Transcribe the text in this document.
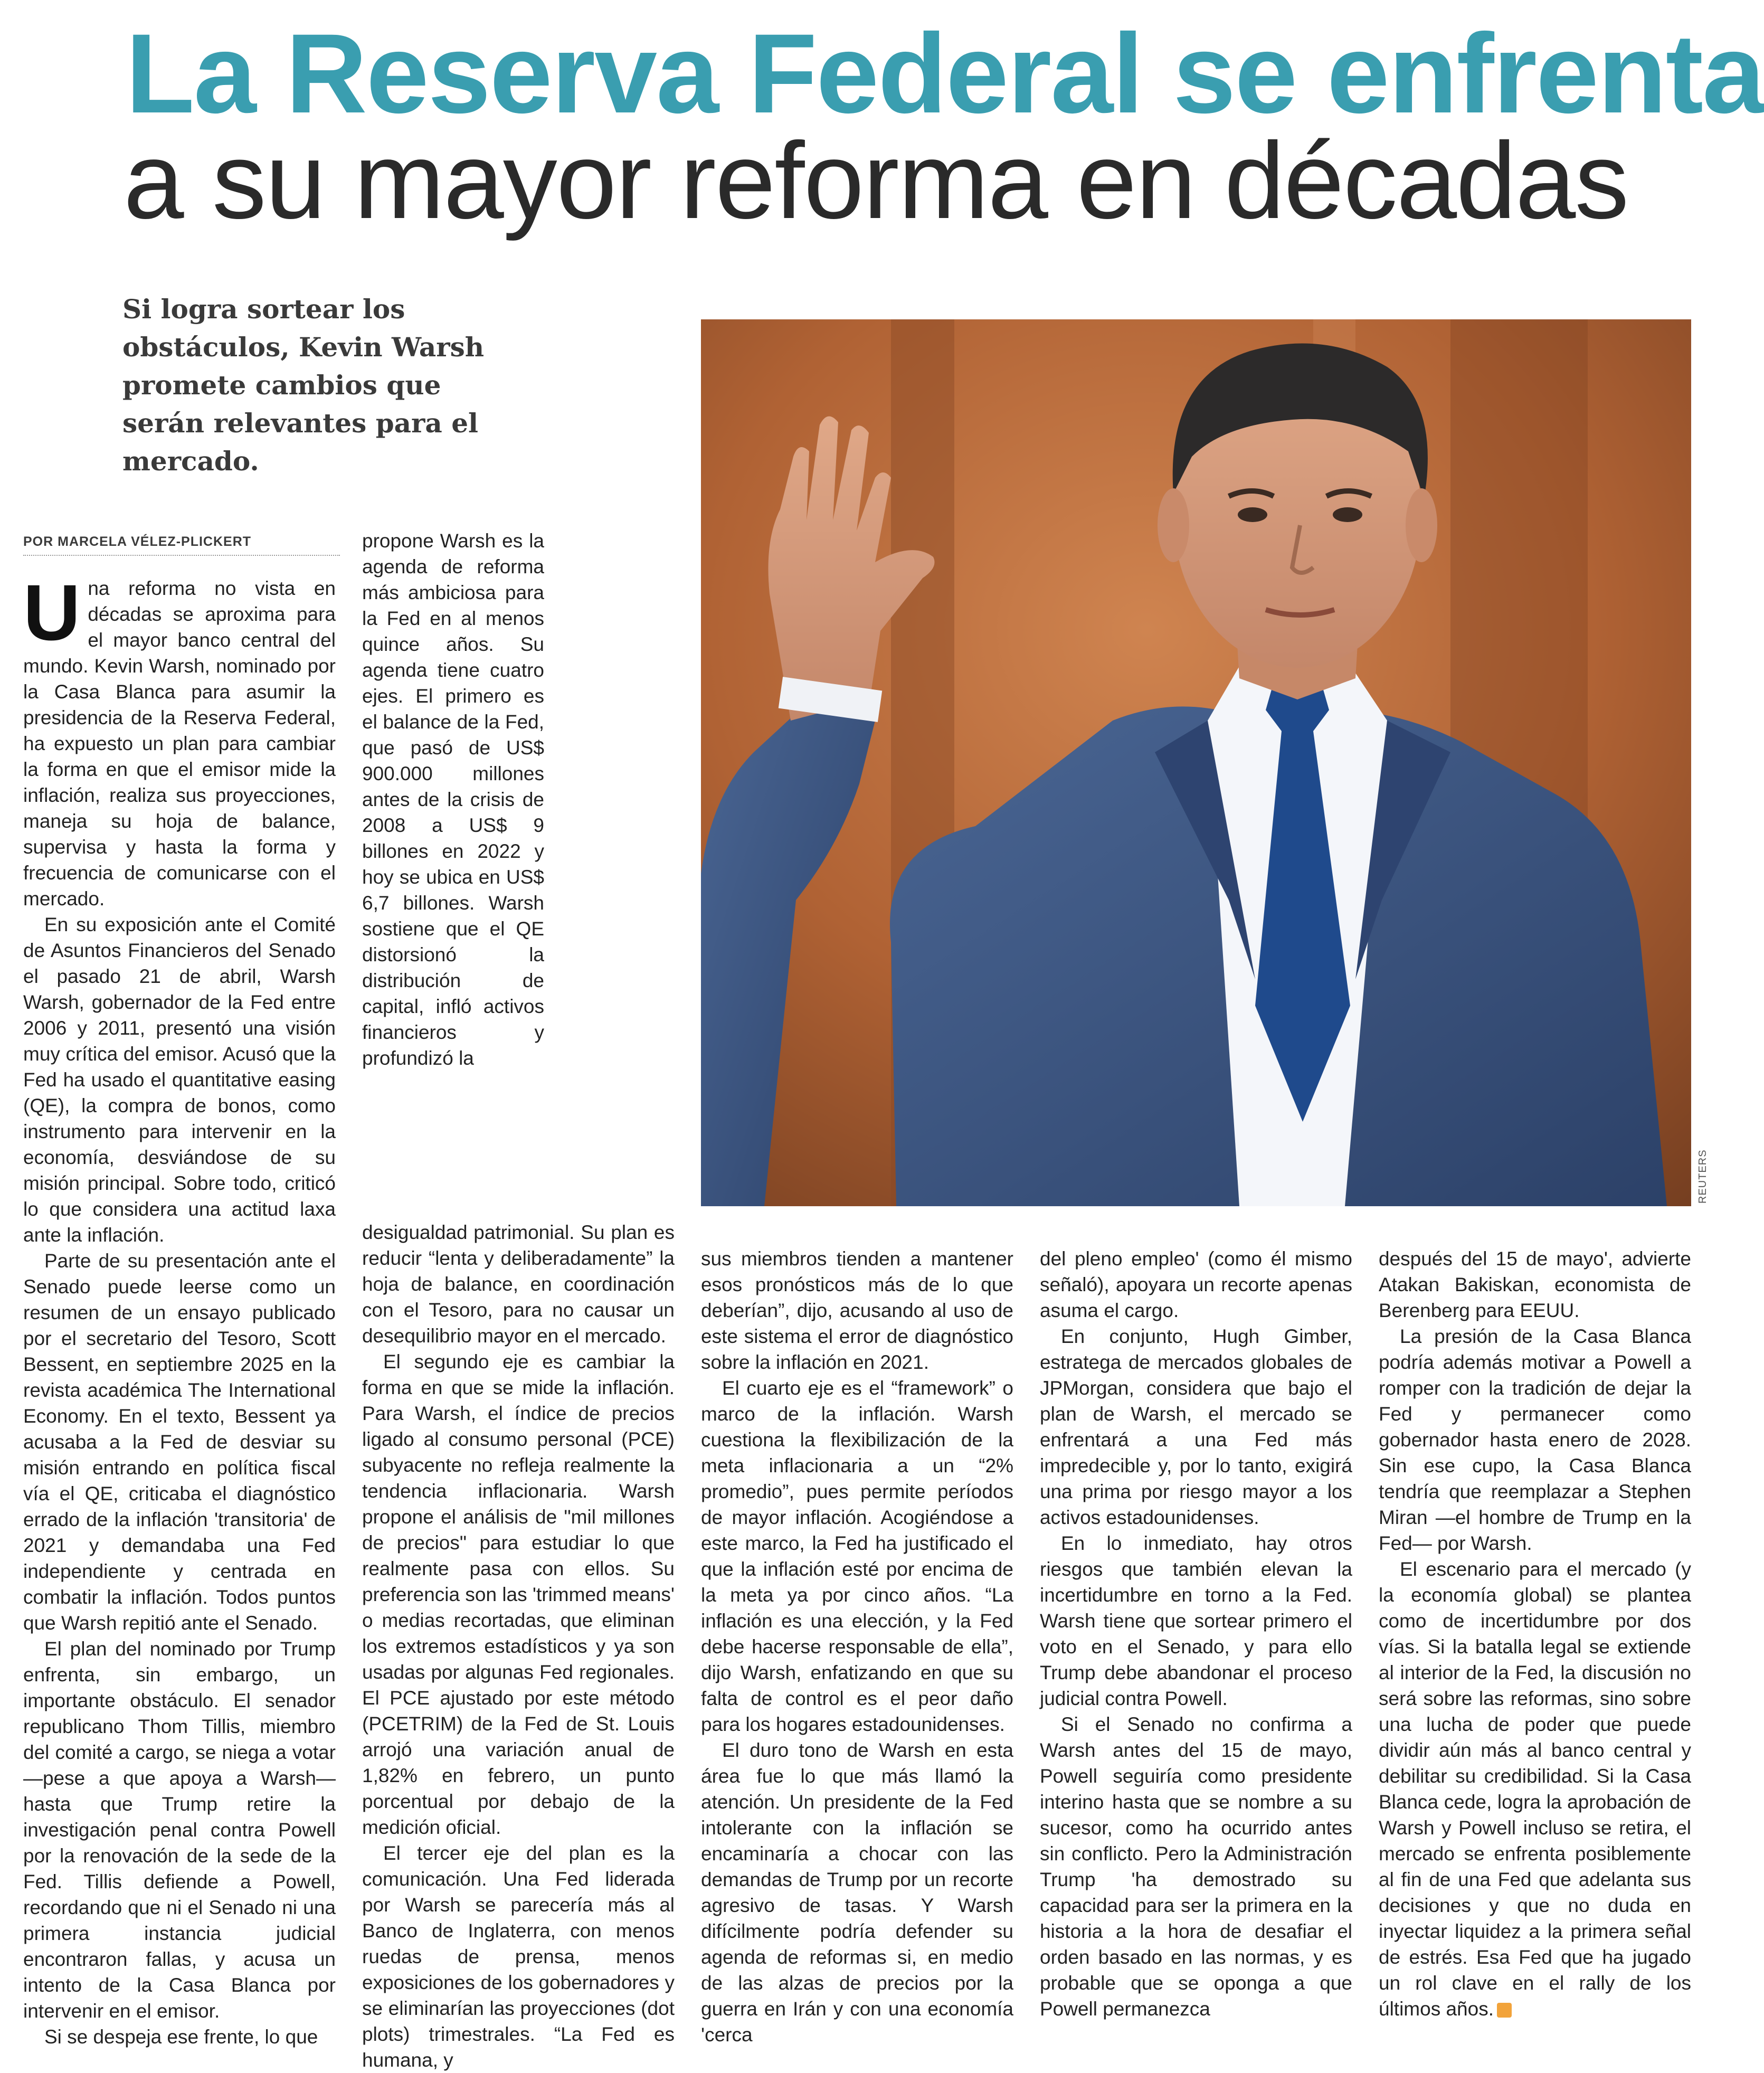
La Reserva Federal se enfrenta
a su mayor reforma en décadas
Si logra sortear los obstáculos, Kevin Warsh promete cambios que serán relevantes para el mercado.
REUTERS
POR MARCELA VÉLEZ-PLICKERT

Una reforma no vista en décadas se aproxima para el mayor banco central del mundo. Kevin Warsh, nominado por la Casa Blanca para asumir la presidencia de la Reserva Federal, ha expuesto un plan para cambiar la forma en que el emisor mide la inflación, realiza sus proyecciones, maneja su hoja de balance, supervisa y hasta la forma y frecuencia de comunicarse con el mercado.

En su exposición ante el Comité de Asuntos Financieros del Senado el pasado 21 de abril, Warsh Warsh, gobernador de la Fed entre 2006 y 2011, presentó una visión muy crítica del emisor. Acusó que la Fed ha usado el quantitative easing (QE), la compra de bonos, como instrumento para intervenir en la economía, desviándose de su misión principal. Sobre todo, criticó lo que considera una actitud laxa ante la inflación.

Parte de su presentación ante el Senado puede leerse como un resumen de un ensayo publicado por el secretario del Tesoro, Scott Bessent, en septiembre 2025 en la revista académica The International Economy. En el texto, Bessent ya acusaba a la Fed de desviar su misión entrando en política fiscal vía el QE, criticaba el diagnóstico errado de la inflación 'transitoria' de 2021 y demandaba una Fed independiente y centrada en combatir la inflación. Todos puntos que Warsh repitió ante el Senado.

El plan del nominado por Trump enfrenta, sin embargo, un importante obstáculo. El senador republicano Thom Tillis, miembro del comité a cargo, se niega a votar —pese a que apoya a Warsh— hasta que Trump retire la investigación penal contra Powell por la renovación de la sede de la Fed. Tillis defiende a Powell, recordando que ni el Senado ni una primera instancia judicial encontraron fallas, y acusa un intento de la Casa Blanca por intervenir en el emisor.

Si se despeja ese frente, lo que

propone Warsh es la agenda de reforma más ambiciosa para la Fed en al menos quince años. Su agenda tiene cuatro ejes. El primero es el balance de la Fed, que pasó de US$ 900.000 millones antes de la crisis de 2008 a US$ 9 billones en 2022 y hoy se ubica en US$ 6,7 billones. Warsh sostiene que el QE distorsionó la distribución de capital, infló activos financieros y profundizó la

desigualdad patrimonial. Su plan es reducir “lenta y deliberadamente” la hoja de balance, en coordinación con el Tesoro, para no causar un desequilibrio mayor en el mercado.

El segundo eje es cambiar la forma en que se mide la inflación. Para Warsh, el índice de precios ligado al consumo personal (PCE) subyacente no refleja realmente la tendencia inflacionaria. Warsh propone el análisis de "mil millones de precios" para estudiar lo que realmente pasa con ellos. Su preferencia son las 'trimmed means' o medias recortadas, que eliminan los extremos estadísticos y ya son usadas por algunas Fed regionales. El PCE ajustado por este método (PCETRIM) de la Fed de St. Louis arrojó una variación anual de 1,82% en febrero, un punto porcentual por debajo de la medición oficial.

El tercer eje del plan es la comunicación. Una Fed liderada por Warsh se parecería más al Banco de Inglaterra, con menos ruedas de prensa, menos exposiciones de los gobernadores y se eliminarían las proyecciones (dot plots) trimestrales. “La Fed es humana, y

sus miembros tienden a mantener esos pronósticos más de lo que deberían”, dijo, acusando al uso de este sistema el error de diagnóstico sobre la inflación en 2021.

El cuarto eje es el “framework” o marco de la inflación. Warsh cuestiona la flexibilización de la meta inflacionaria a un “2% promedio”, pues permite períodos de mayor inflación. Acogiéndose a este marco, la Fed ha justificado el que la inflación esté por encima de la meta ya por cinco años. “La inflación es una elección, y la Fed debe hacerse responsable de ella”, dijo Warsh, enfatizando en que su falta de control es el peor daño para los hogares estadounidenses.

El duro tono de Warsh en esta área fue lo que más llamó la atención. Un presidente de la Fed intolerante con la inflación se encaminaría a chocar con las demandas de Trump por un recorte agresivo de tasas. Y Warsh difícilmente podría defender su agenda de reformas si, en medio de las alzas de precios por la guerra en Irán y con una economía 'cerca

del pleno empleo' (como él mismo señaló), apoyara un recorte apenas asuma el cargo.

En conjunto, Hugh Gimber, estratega de mercados globales de JPMorgan, considera que bajo el plan de Warsh, el mercado se enfrentará a una Fed más impredecible y, por lo tanto, exigirá una prima por riesgo mayor a los activos estadounidenses.

En lo inmediato, hay otros riesgos que también elevan la incertidumbre en torno a la Fed. Warsh tiene que sortear primero el voto en el Senado, y para ello Trump debe abandonar el proceso judicial contra Powell.

Si el Senado no confirma a Warsh antes del 15 de mayo, Powell seguiría como presidente interino hasta que se nombre a su sucesor, como ha ocurrido antes sin conflicto. Pero la Administración Trump 'ha demostrado su capacidad para ser la primera en la historia a la hora de desafiar el orden basado en las normas, y es probable que se oponga a que Powell permanezca

después del 15 de mayo', advierte Atakan Bakiskan, economista de Berenberg para EEUU.

La presión de la Casa Blanca podría además motivar a Powell a romper con la tradición de dejar la Fed y permanecer como gobernador hasta enero de 2028. Sin ese cupo, la Casa Blanca tendría que reemplazar a Stephen Miran —el hombre de Trump en la Fed— por Warsh.

El escenario para el mercado (y la economía global) se plantea como de incertidumbre por dos vías. Si la batalla legal se extiende al interior de la Fed, la discusión no será sobre las reformas, sino sobre una lucha de poder que puede dividir aún más al banco central y debilitar su credibilidad. Si la Casa Blanca cede, logra la aprobación de Warsh y Powell incluso se retira, el mercado se enfrenta posiblemente al fin de una Fed que adelanta sus decisiones y que no duda en inyectar liquidez a la primera señal de estrés. Esa Fed que ha jugado un rol clave en el rally de los últimos años. S
